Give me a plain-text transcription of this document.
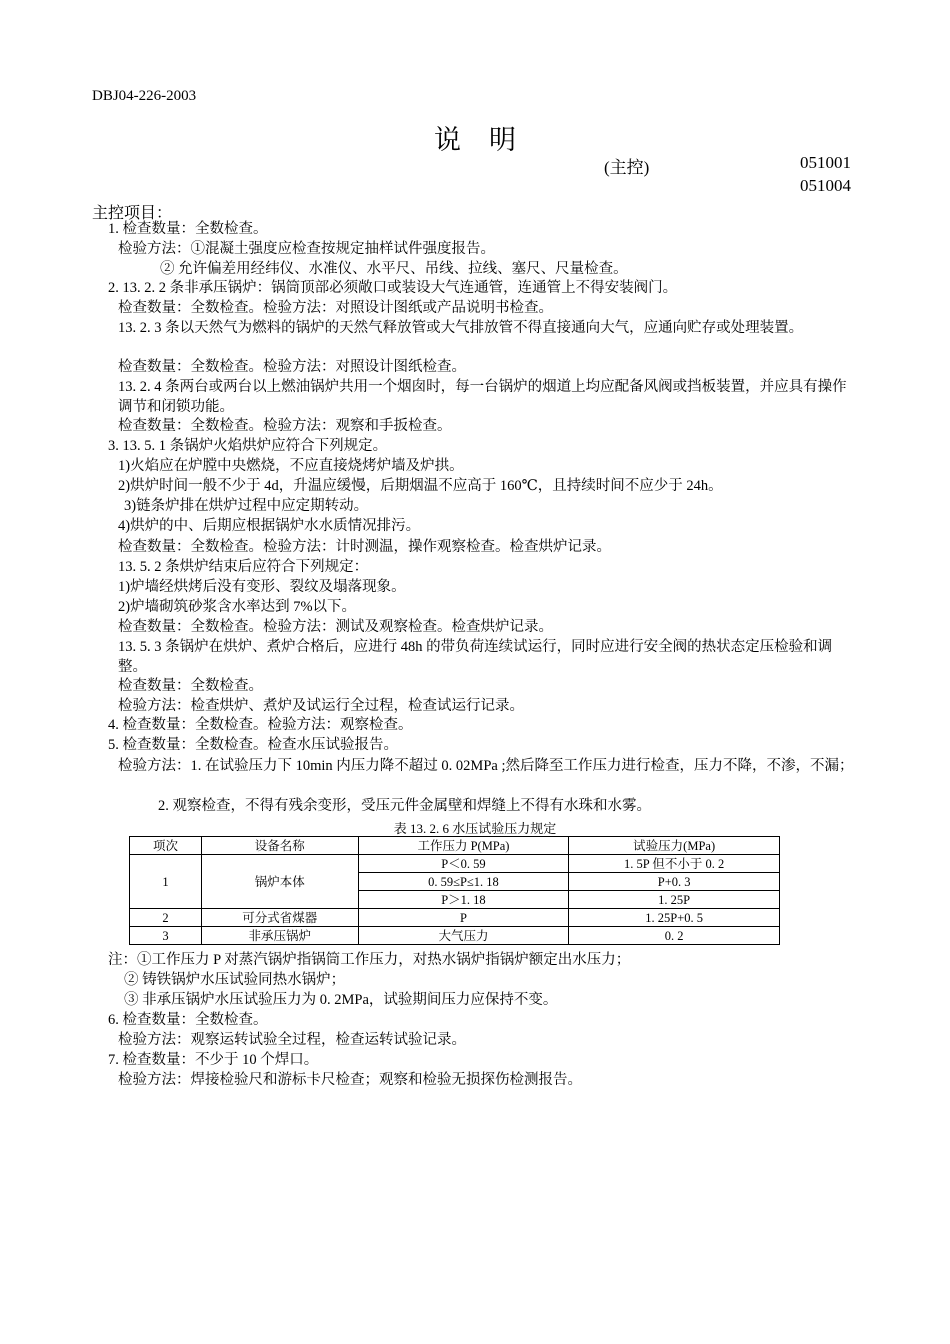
DBJ04-226-2003
说明
(主控)	051001
051004
主控项目：
1. 检查数量：全数检查。
检验方法：①混凝土强度应检查按规定抽样试件强度报告。
② 允许偏差用经纬仪、水准仪、水平尺、吊线、拉线、塞尺、尺量检查。
2. 13. 2. 2 条非承压锅炉：锅筒顶部必须敞口或装设大气连通管，连通管上不得安装阀门。
检查数量：全数检查。检验方法：对照设计图纸或产品说明书检查。
13. 2. 3 条以天然气为燃料的锅炉的天然气释放管或大气排放管不得直接通向大气，应通向贮存或处理装置。
检查数量：全数检查。检验方法：对照设计图纸检查。
13. 2. 4 条两台或两台以上燃油锅炉共用一个烟囱时，每一台锅炉的烟道上均应配备风阀或挡板装置，并应具有操作调节和闭锁功能。
检查数量：全数检查。检验方法：观察和手扳检查。
3. 13. 5. 1 条锅炉火焰烘炉应符合下列规定。
1)火焰应在炉膛中央燃烧，不应直接烧烤炉墙及炉拱。
2)烘炉时间一般不少于 4d，升温应缓慢，后期烟温不应高于 160℃，且持续时间不应少于 24h。
3)链条炉排在烘炉过程中应定期转动。
4)烘炉的中、后期应根据锅炉水水质情况排污。
检查数量：全数检查。检验方法：计时测温，操作观察检查。检查烘炉记录。
13. 5. 2 条烘炉结束后应符合下列规定：
1)炉墙经烘烤后没有变形、裂纹及塌落现象。
2)炉墙砌筑砂浆含水率达到 7%以下。
检查数量：全数检查。检验方法：测试及观察检查。检查烘炉记录。
13. 5. 3 条锅炉在烘炉、煮炉合格后，应进行 48h 的带负荷连续试运行，同时应进行安全阀的热状态定压检验和调整。
检查数量：全数检查。
检验方法：检查烘炉、煮炉及试运行全过程，检查试运行记录。
4. 检查数量：全数检查。检验方法：观察检查。
5. 检查数量：全数检查。检查水压试验报告。
检验方法：1. 在试验压力下 10min 内压力降不超过 0. 02MPa ;然后降至工作压力进行检查，压力不降，不渗，不漏；
2. 观察检查，不得有残余变形，受压元件金属壁和焊缝上不得有水珠和水雾。
表 13. 2. 6 水压试验压力规定
项次	设备名称	工作压力 P(MPa)	试验压力(MPa)
1	锅炉本体	P＜0. 59	1. 5P 但不小于 0. 2
		0. 59≤P≤1. 18	P+0. 3
		P＞1. 18	1. 25P
2	可分式省煤器	P	1. 25P+0. 5
3	非承压锅炉	大气压力	0. 2
注：①工作压力 P 对蒸汽锅炉指锅筒工作压力，对热水锅炉指锅炉额定出水压力；
② 铸铁锅炉水压试验同热水锅炉；
③ 非承压锅炉水压试验压力为 0. 2MPa，试验期间压力应保持不变。
6. 检查数量：全数检查。
检验方法：观察运转试验全过程，检查运转试验记录。
7. 检查数量：不少于 10 个焊口。
检验方法：焊接检验尺和游标卡尺检查；观察和检验无损探伤检测报告。
